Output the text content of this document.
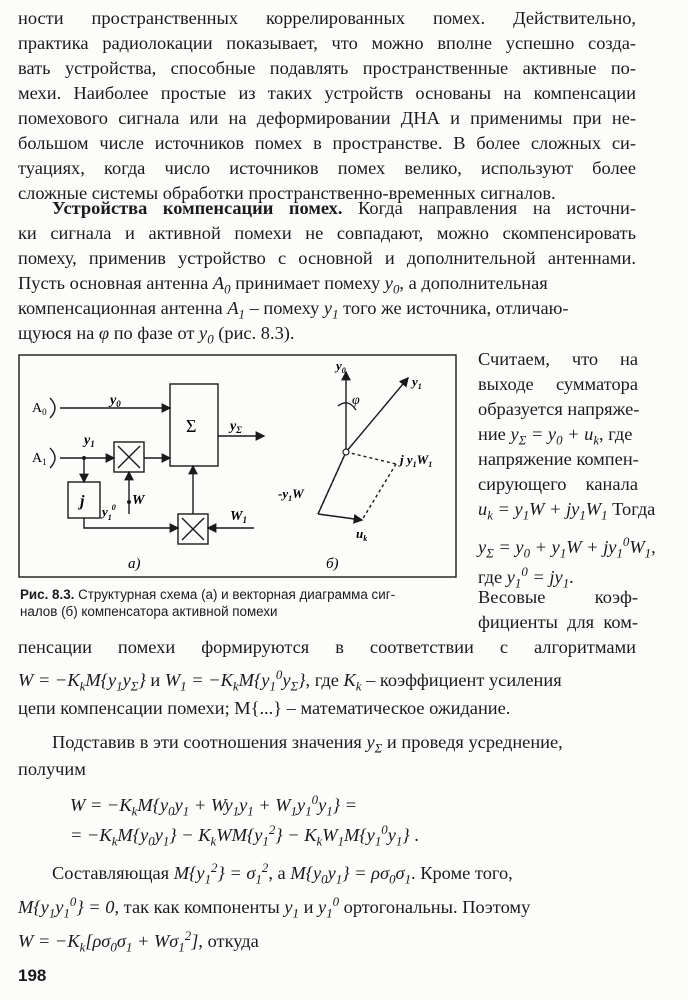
ности пространственных коррелированных помех. Действительно,
практика радиолокации показывает, что можно вполне успешно созда-
вать устройства, способные подавлять пространственные активные по-
мехи. Наиболее простые из таких устройств основаны на компенсации
помехового сигнала или на деформировании ДНА и применимы при не-
большом числе источников помех в пространстве. В более сложных си-
туациях, когда число источников помех велико, используют более
сложные системы обработки пространственно-временных сигналов.
Устройства компенсации помех. Когда направления на источни-
ки сигнала и активной помехи не совпадают, можно скомпенсировать
помеху, применив устройство с основной и дополнительной антеннами.
Пусть основная антенна $A_0$ принимает помеху $y_0$, а дополнительная
компенсационная антенна $A_1$ – помеху $y_1$ того же источника, отличаю-
щуюся на φ по фазе от $y_0$ (рис. 8.3).
$A_0$
$y_0$
$A_1$
$y_1$
Σ $y_\Sigma$
j
$y_1^0$ W
$W_1$
а)
$y_0$
$y_1$
φ
j $y_1W_1$
$-y_1W$
$u_k$
б)
Считаем, что на
выходе сумматора
образуется напряже-
ние $y_\Sigma = y_0 + u_k$, где
напряжение компен-
сирующего канала
$u_k = y_1W + jy_1W_1$ Тогда
$y_\Sigma = y_0 + y_1W + jy_1^0W_1$,
где $y_1^0 = jy_1$.
Весовые коэф-
фициенты для ком-
Рис. 8.3. Структурная схема (а) и векторная диаграмма сиг-
налов (б) компенсатора активной помехи
пенсации помехи формируются в соответствии с алгоритмами
$W = -K_kM\{y_1y_\Sigma\}$ и $W_1 = -K_kM\{y_1^0y_\Sigma\}$, где $K_k$ – коэффициент усиления
цепи компенсации помехи; M{...} – математическое ожидание.
Подставив в эти соотношения значения $y_\Sigma$ и проведя усреднение,
получим
$W = -K_kM\{y_0y_1 + Wy_1y_1 + W_1y_1^0y_1\}$ =
= $-K_kM\{y_0y_1\} - K_kWM\{y_1^2\} - K_kW_1M\{y_1^0y_1\}$ .
Составляющая $M\{y_1^2\} = \sigma_1^2$, а $M\{y_0y_1\} = \rho\sigma_0\sigma_1$. Кроме того,
$M\{y_1y_1^0\} = 0$, так как компоненты $y_1$ и $y_1^0$ ортогональны. Поэтому
$W = -K_k[\rho\sigma_0\sigma_1 + W\sigma_1^2]$, откуда
198
